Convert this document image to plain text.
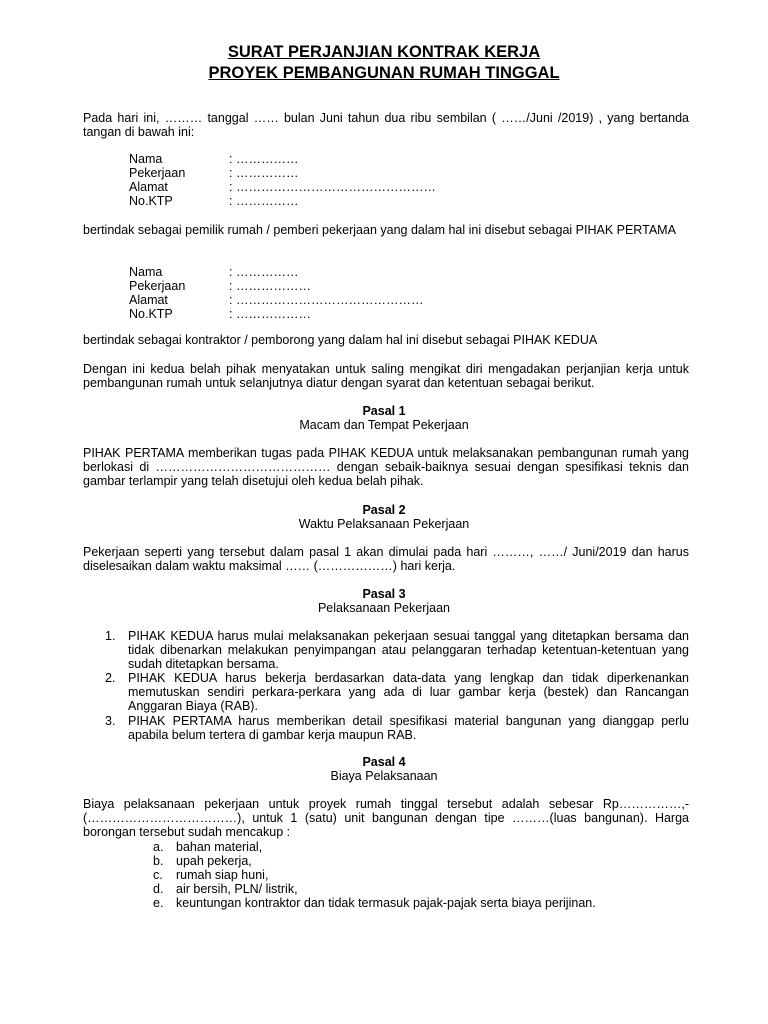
SURAT PERJANJIAN KONTRAK KERJA
PROYEK PEMBANGUNAN RUMAH TINGGAL
Pada hari ini, ……… tanggal …… bulan Juni tahun dua ribu sembilan ( ……/Juni /2019) , yang bertanda tangan di bawah ini:
Nama	: ……………
Pekerjaan	: ……………
Alamat	: …………………………………………
No.KTP	: ……………
bertindak sebagai pemilik rumah / pemberi pekerjaan yang dalam hal ini disebut sebagai PIHAK PERTAMA
Nama	: ……………
Pekerjaan	: ………………
Alamat	: ………………………………………
No.KTP	: ………………
bertindak sebagai kontraktor / pemborong yang dalam hal ini disebut sebagai PIHAK KEDUA
Dengan ini kedua belah pihak menyatakan untuk saling mengikat diri mengadakan perjanjian kerja untuk pembangunan rumah untuk selanjutnya diatur dengan syarat dan ketentuan sebagai berikut.
Pasal 1
Macam dan Tempat Pekerjaan
PIHAK PERTAMA memberikan tugas pada PIHAK KEDUA untuk melaksanakan pembangunan rumah yang berlokasi di …………………………………… dengan sebaik-baiknya sesuai dengan spesifikasi teknis dan gambar terlampir yang telah disetujui oleh kedua belah pihak.
Pasal 2
Waktu Pelaksanaan Pekerjaan
Pekerjaan seperti yang tersebut dalam pasal 1 akan dimulai pada hari ………, ……/ Juni/2019 dan harus diselesaikan dalam waktu maksimal …… (………………) hari kerja.
Pasal 3
Pelaksanaan Pekerjaan
1. PIHAK KEDUA harus mulai melaksanakan pekerjaan sesuai tanggal yang ditetapkan bersama dan tidak dibenarkan melakukan penyimpangan atau pelanggaran terhadap ketentuan-ketentuan yang sudah ditetapkan bersama.
2. PIHAK KEDUA harus bekerja berdasarkan data-data yang lengkap dan tidak diperkenankan memutuskan sendiri perkara-perkara yang ada di luar gambar kerja (bestek) dan Rancangan Anggaran Biaya (RAB).
3. PIHAK PERTAMA harus memberikan detail spesifikasi material bangunan yang dianggap perlu apabila belum tertera di gambar kerja maupun RAB.
Pasal 4
Biaya Pelaksanaan
Biaya pelaksanaan pekerjaan untuk proyek rumah tinggal tersebut adalah sebesar Rp……………,- (………………………………), untuk 1 (satu) unit bangunan dengan tipe ………(luas bangunan). Harga borongan tersebut sudah mencakup :
a. bahan material,
b. upah pekerja,
c. rumah siap huni,
d. air bersih, PLN/ listrik,
e. keuntungan kontraktor dan tidak termasuk pajak-pajak serta biaya perijinan.
